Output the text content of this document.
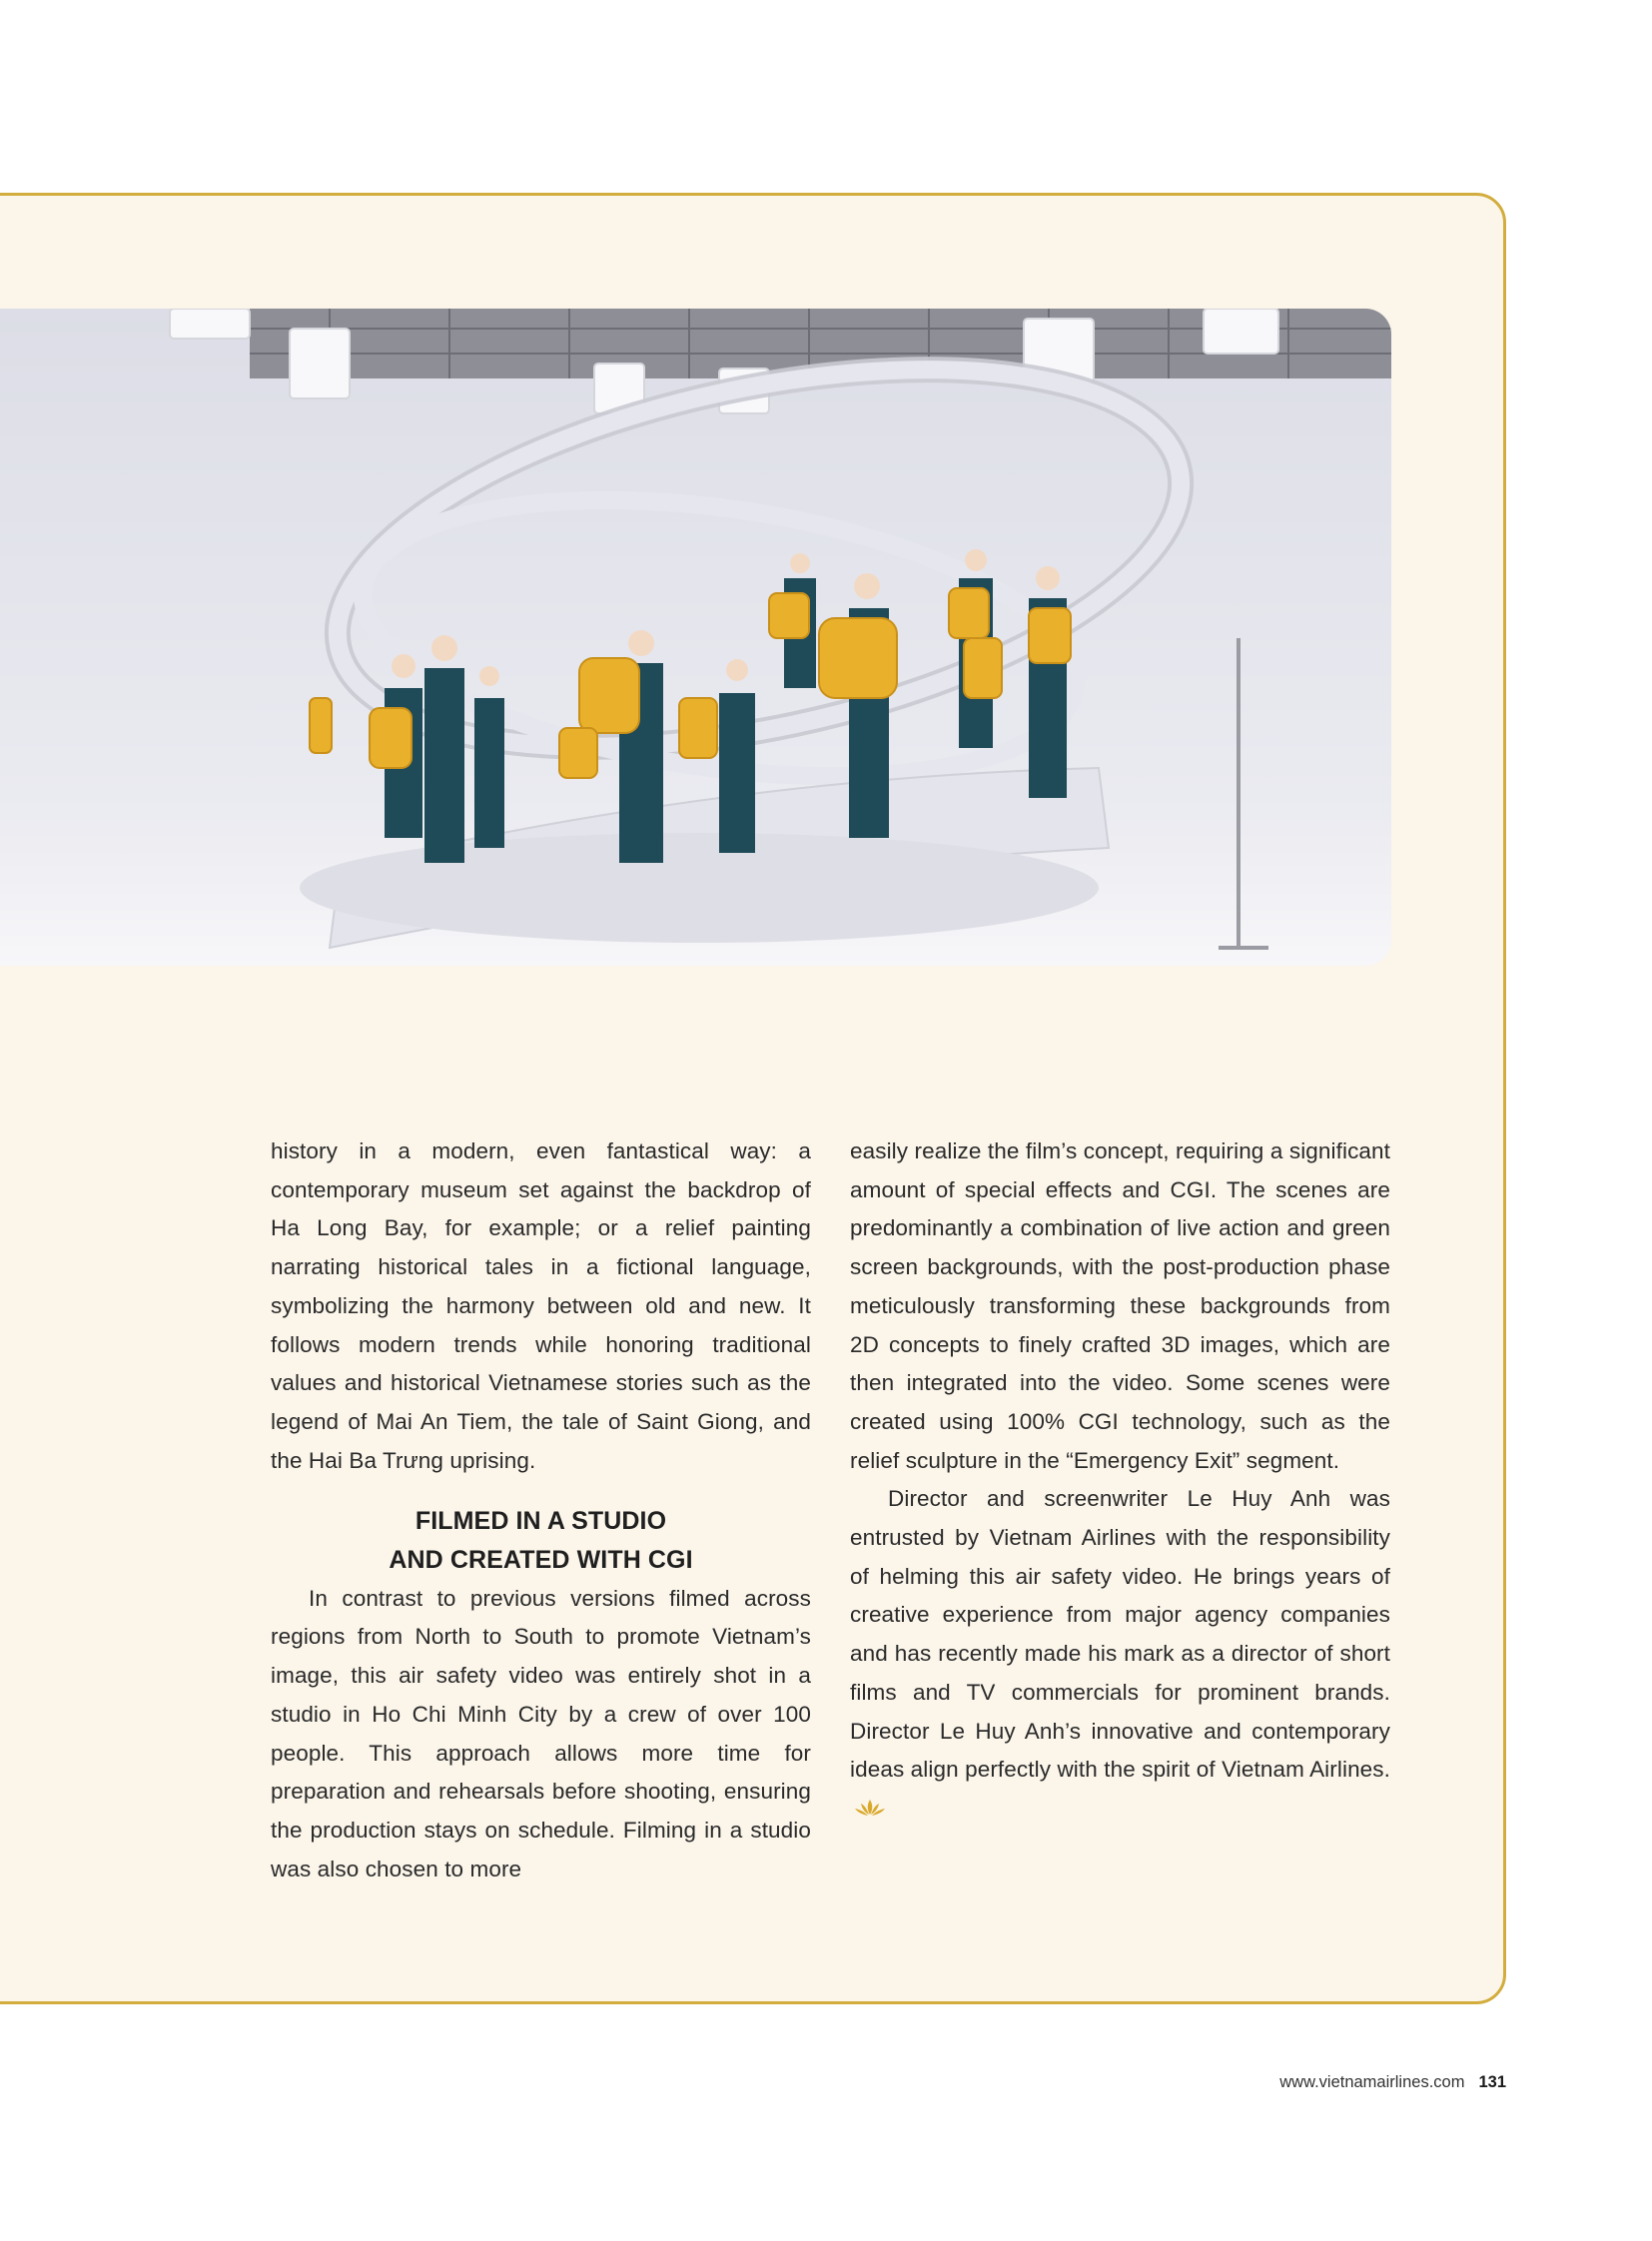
history in a modern, even fantastical way: a contemporary museum set against the backdrop of Ha Long Bay, for example; or a relief painting narrating historical tales in a fictional language, symbolizing the harmony between old and new. It follows modern trends while honoring traditional values and historical Vietnamese stories such as the legend of Mai An Tiem, the tale of Saint Giong, and the Hai Ba Trưng uprising.

FILMED IN A STUDIO
AND CREATED WITH CGI

In contrast to previous versions filmed across regions from North to South to promote Vietnam’s image, this air safety video was entirely shot in a studio in Ho Chi Minh City by a crew of over 100 people. This approach allows more time for preparation and rehearsals before shooting, ensuring the production stays on schedule. Filming in a studio was also chosen to more

easily realize the film’s concept, requiring a significant amount of special effects and CGI. The scenes are predominantly a combination of live action and green screen backgrounds, with the post-production phase meticulously transforming these backgrounds from 2D concepts to finely crafted 3D images, which are then integrated into the video. Some scenes were created using 100% CGI technology, such as the relief sculpture in the “Emergency Exit” segment.

Director and screenwriter Le Huy Anh was entrusted by Vietnam Airlines with the responsibility of helming this air safety video. He brings years of creative experience from major agency companies and has recently made his mark as a director of short films and TV commercials for prominent brands. Director Le Huy Anh’s innovative and contemporary ideas align perfectly with the spirit of Vietnam Airlines.

www.vietnamairlines.com 131
